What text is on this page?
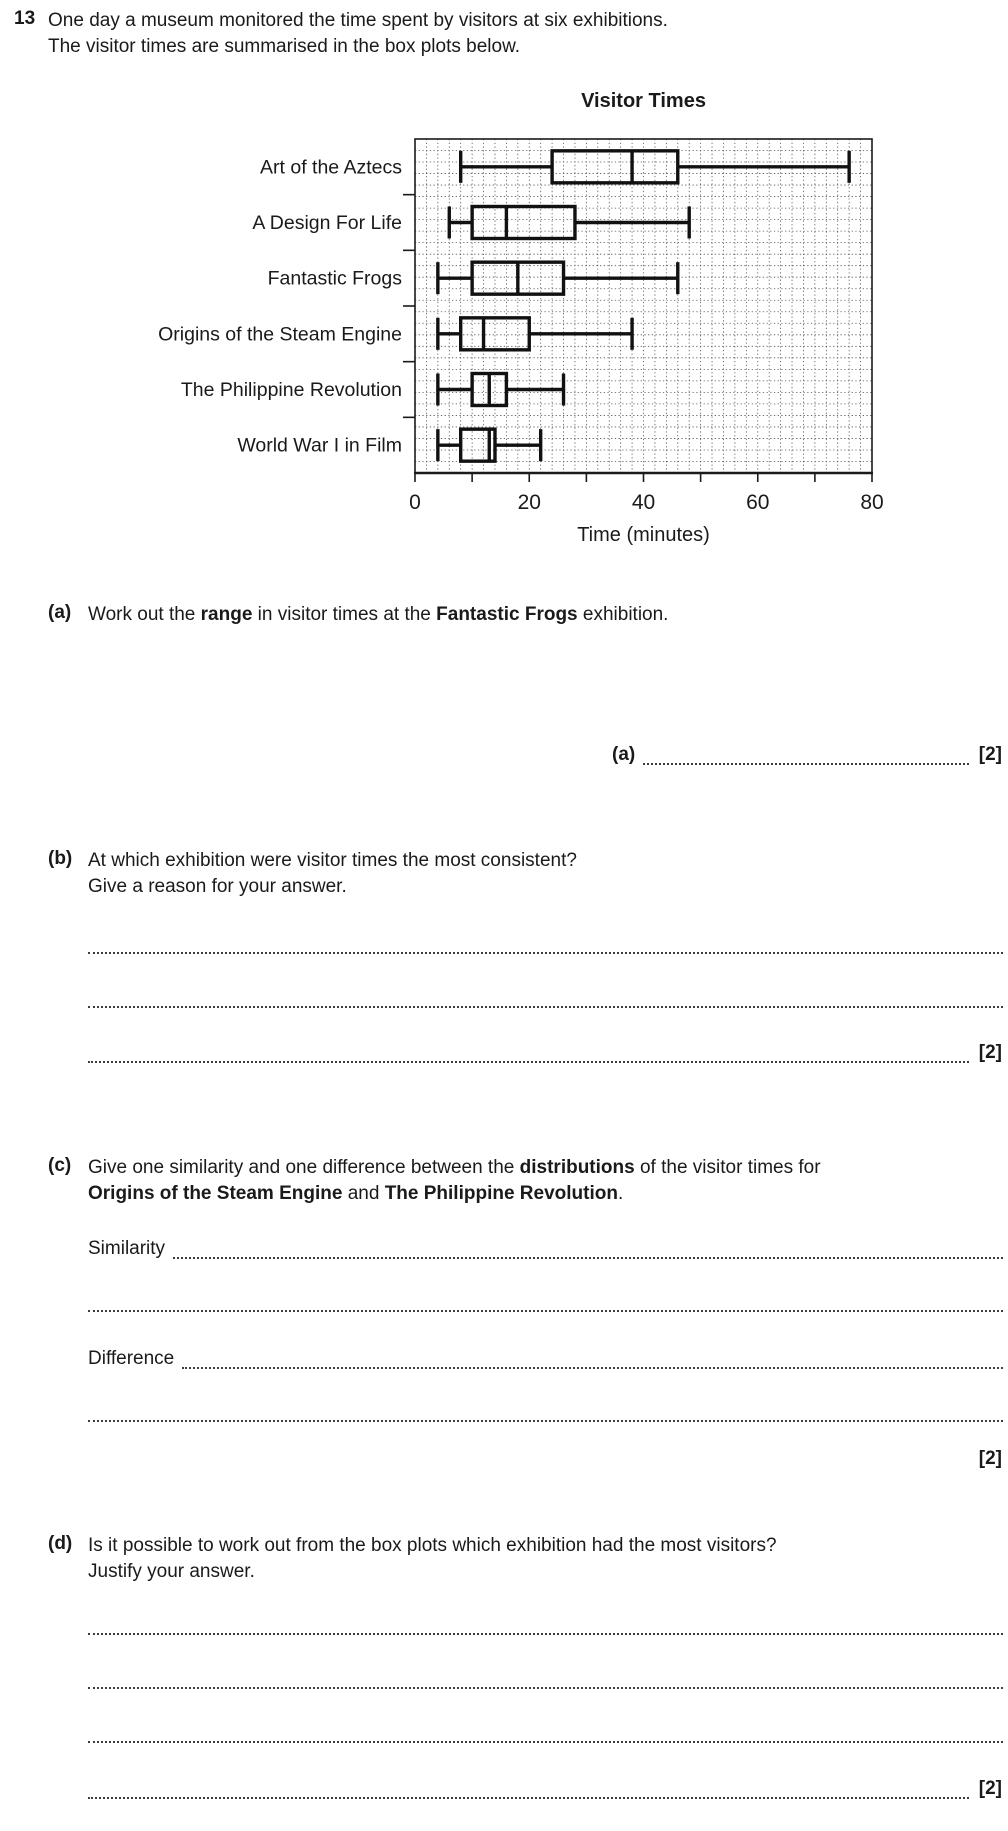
13 One day a museum monitored the time spent by visitors at six exhibitions.
The visitor times are summarised in the box plots below.
Visitor Times
0	20	40	60	80
Time (minutes)
Art of the Aztecs
A Design For Life
Fantastic Frogs
Origins of the Steam Engine
The Philippine Revolution
World War I in Film
(a) Work out the range in visitor times at the Fantastic Frogs exhibition.
(a)	[2]
(b) At which exhibition were visitor times the most consistent?
Give a reason for your answer.
[2]
(c) Give one similarity and one difference between the distributions of the visitor times for
Origins of the Steam Engine and The Philippine Revolution.
Similarity
Difference
[2]
(d) Is it possible to work out from the box plots which exhibition had the most visitors?
Justify your answer.
[2]
